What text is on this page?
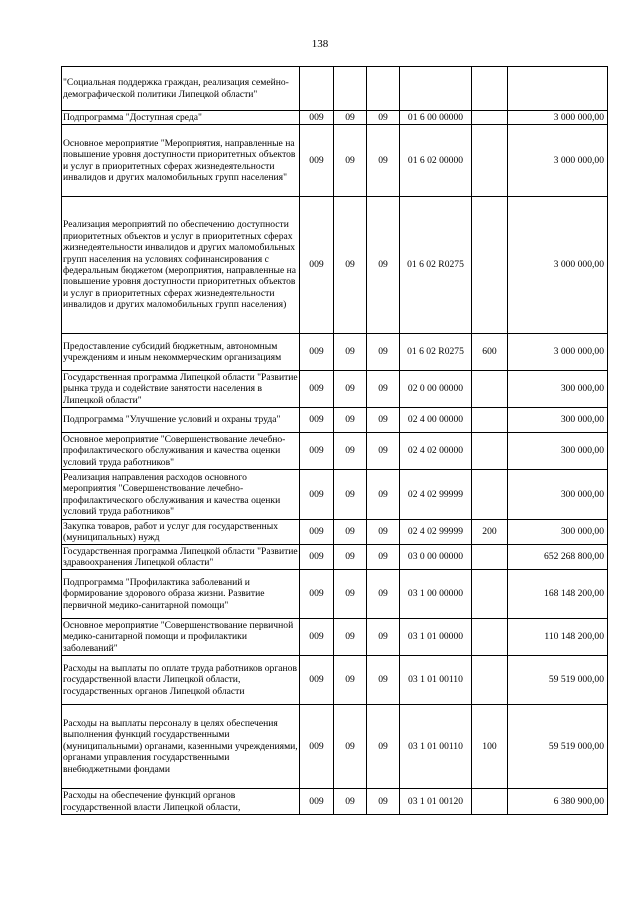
138
"Социальная поддержка граждан, реализация семейно-демографической политики Липецкой области"						
Подпрограмма "Доступная среда"	009	09	09	01 6 00 00000		3 000 000,00
Основное мероприятие "Мероприятия, направленные на повышение уровня доступности приоритетных объектов и услуг в приоритетных сферах жизнедеятельности инвалидов и других маломобильных групп населения"	009	09	09	01 6 02 00000		3 000 000,00
Реализация мероприятий по обеспечению доступности приоритетных объектов и услуг в приоритетных сферах жизнедеятельности инвалидов и других маломобильных групп населения на условиях софинансирования с федеральным бюджетом (мероприятия, направленные на повышение уровня доступности приоритетных объектов и услуг в приоритетных сферах жизнедеятельности инвалидов и других маломобильных групп населения)	009	09	09	01 6 02 R0275		3 000 000,00
Предоставление субсидий бюджетным, автономным учреждениям и иным некоммерческим организациям	009	09	09	01 6 02 R0275	600	3 000 000,00
Государственная программа Липецкой области "Развитие рынка труда и содействие занятости населения в Липецкой области"	009	09	09	02 0 00 00000		300 000,00
Подпрограмма "Улучшение условий и охраны труда"	009	09	09	02 4 00 00000		300 000,00
Основное мероприятие "Совершенствование лечебно-профилактического обслуживания и качества оценки условий труда работников"	009	09	09	02 4 02 00000		300 000,00
Реализация направления расходов основного мероприятия "Совершенствование лечебно-профилактического обслуживания и качества оценки условий труда работников"	009	09	09	02 4 02 99999		300 000,00
Закупка товаров, работ и услуг для государственных (муниципальных) нужд	009	09	09	02 4 02 99999	200	300 000,00
Государственная программа Липецкой области "Развитие здравоохранения Липецкой области"	009	09	09	03 0 00 00000		652 268 800,00
Подпрограмма "Профилактика заболеваний и формирование здорового образа жизни. Развитие первичной медико-санитарной помощи"	009	09	09	03 1 00 00000		168 148 200,00
Основное мероприятие "Совершенствование первичной медико-санитарной помощи и профилактики заболеваний"	009	09	09	03 1 01 00000		110 148 200,00
Расходы на выплаты по оплате труда работников органов государственной власти Липецкой области, государственных органов Липецкой области	009	09	09	03 1 01 00110		59 519 000,00
Расходы на выплаты персоналу в целях обеспечения выполнения функций государственными (муниципальными) органами, казенными учреждениями, органами управления государственными внебюджетными фондами	009	09	09	03 1 01 00110	100	59 519 000,00
Расходы на обеспечение функций органов государственной власти Липецкой области,	009	09	09	03 1 01 00120		6 380 900,00
